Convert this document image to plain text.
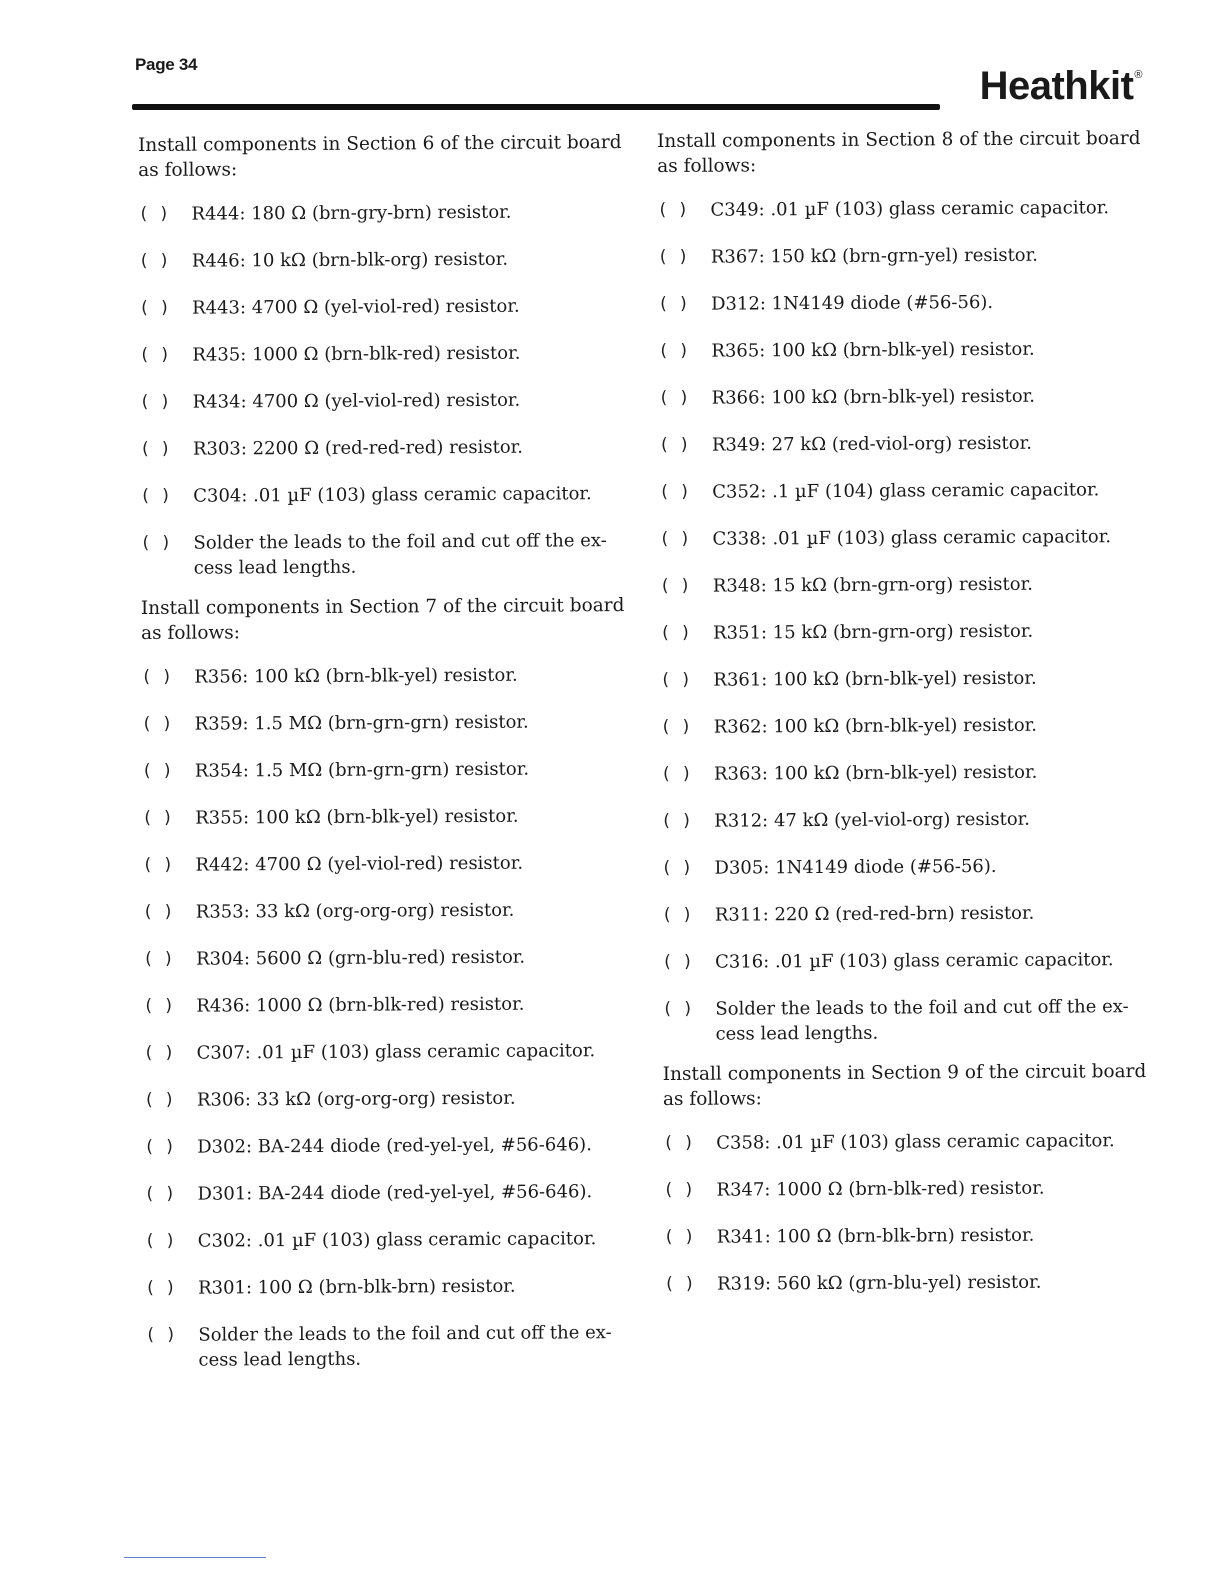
Page 34	Heathkit®

Install components in Section 6 of the circuit board as follows:

( )	R444: 180 Ω (brn-gry-brn) resistor.
( )	R446: 10 kΩ (brn-blk-org) resistor.
( )	R443: 4700 Ω (yel-viol-red) resistor.
( )	R435: 1000 Ω (brn-blk-red) resistor.
( )	R434: 4700 Ω (yel-viol-red) resistor.
( )	R303: 2200 Ω (red-red-red) resistor.
( )	C304: .01 µF (103) glass ceramic capacitor.
( )	Solder the leads to the foil and cut off the ex-cess lead lengths.

Install components in Section 7 of the circuit board as follows:

( )	R356: 100 kΩ (brn-blk-yel) resistor.
( )	R359: 1.5 MΩ (brn-grn-grn) resistor.
( )	R354: 1.5 MΩ (brn-grn-grn) resistor.
( )	R355: 100 kΩ (brn-blk-yel) resistor.
( )	R442: 4700 Ω (yel-viol-red) resistor.
( )	R353: 33 kΩ (org-org-org) resistor.
( )	R304: 5600 Ω (grn-blu-red) resistor.
( )	R436: 1000 Ω (brn-blk-red) resistor.
( )	C307: .01 µF (103) glass ceramic capacitor.
( )	R306: 33 kΩ (org-org-org) resistor.
( )	D302: BA-244 diode (red-yel-yel, #56-646).
( )	D301: BA-244 diode (red-yel-yel, #56-646).
( )	C302: .01 µF (103) glass ceramic capacitor.
( )	R301: 100 Ω (brn-blk-brn) resistor.
( )	Solder the leads to the foil and cut off the ex-cess lead lengths.

Install components in Section 8 of the circuit board as follows:

( )	C349: .01 µF (103) glass ceramic capacitor.
( )	R367: 150 kΩ (brn-grn-yel) resistor.
( )	D312: 1N4149 diode (#56-56).
( )	R365: 100 kΩ (brn-blk-yel) resistor.
( )	R366: 100 kΩ (brn-blk-yel) resistor.
( )	R349: 27 kΩ (red-viol-org) resistor.
( )	C352: .1 µF (104) glass ceramic capacitor.
( )	C338: .01 µF (103) glass ceramic capacitor.
( )	R348: 15 kΩ (brn-grn-org) resistor.
( )	R351: 15 kΩ (brn-grn-org) resistor.
( )	R361: 100 kΩ (brn-blk-yel) resistor.
( )	R362: 100 kΩ (brn-blk-yel) resistor.
( )	R363: 100 kΩ (brn-blk-yel) resistor.
( )	R312: 47 kΩ (yel-viol-org) resistor.
( )	D305: 1N4149 diode (#56-56).
( )	R311: 220 Ω (red-red-brn) resistor.
( )	C316: .01 µF (103) glass ceramic capacitor.
( )	Solder the leads to the foil and cut off the ex-cess lead lengths.

Install components in Section 9 of the circuit board as follows:

( )	C358: .01 µF (103) glass ceramic capacitor.
( )	R347: 1000 Ω (brn-blk-red) resistor.
( )	R341: 100 Ω (brn-blk-brn) resistor.
( )	R319: 560 kΩ (grn-blu-yel) resistor.
